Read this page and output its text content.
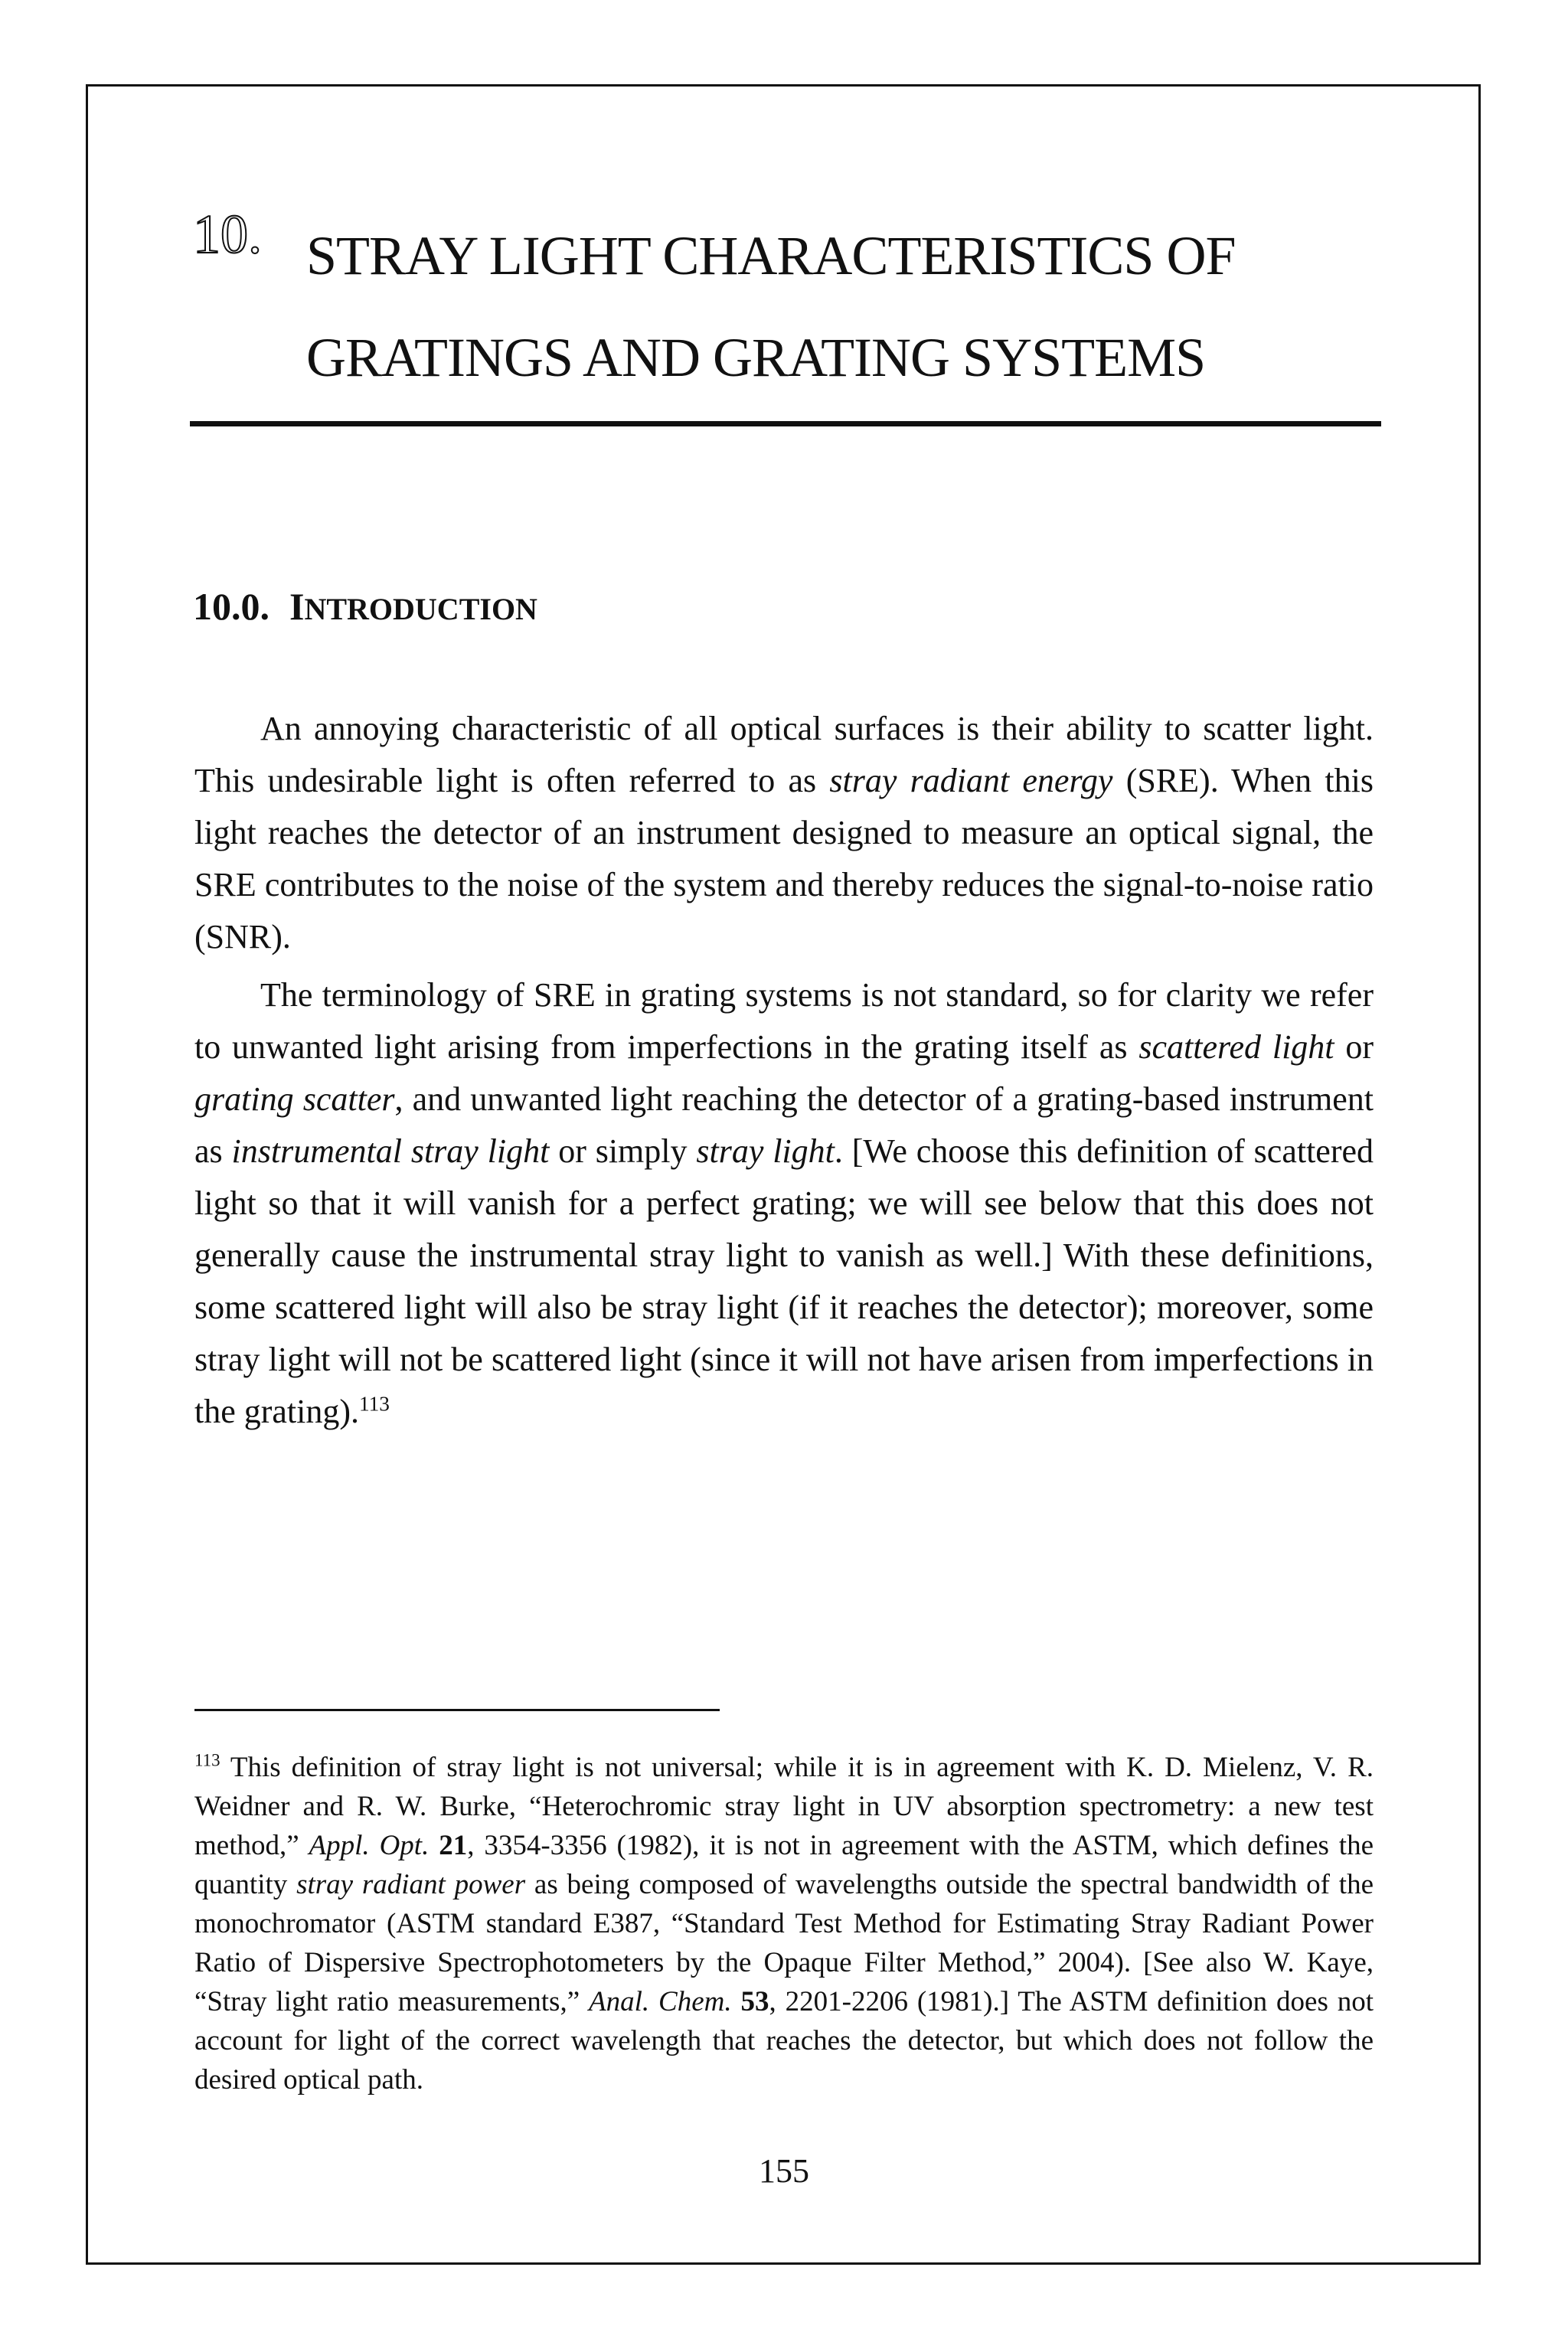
10. STRAY LIGHT CHARACTERISTICS OF
GRATINGS AND GRATING SYSTEMS
10.0. INTRODUCTION

An annoying characteristic of all optical surfaces is their ability to scatter light. This undesirable light is often referred to as stray radiant energy (SRE). When this light reaches the detector of an instrument designed to measure an optical signal, the SRE contributes to the noise of the system and thereby reduces the signal-to-noise ratio (SNR).

The terminology of SRE in grating systems is not standard, so for clarity we refer to unwanted light arising from imperfections in the grating itself as scattered light or grating scatter, and unwanted light reaching the detector of a grating-based instrument as instrumental stray light or simply stray light. [We choose this definition of scattered light so that it will vanish for a perfect grating; we will see below that this does not generally cause the instrumental stray light to vanish as well.] With these definitions, some scattered light will also be stray light (if it reaches the detector); moreover, some stray light will not be scattered light (since it will not have arisen from imperfections in the grating).$^{113}$

$^{113}$ This definition of stray light is not universal; while it is in agreement with K. D. Mielenz, V. R. Weidner and R. W. Burke, “Heterochromic stray light in UV absorption spectrometry: a new test method,” Appl. Opt. 21, 3354-3356 (1982), it is not in agreement with the ASTM, which defines the quantity stray radiant power as being composed of wavelengths outside the spectral bandwidth of the monochromator (ASTM standard E387, “Standard Test Method for Estimating Stray Radiant Power Ratio of Dispersive Spectrophotometers by the Opaque Filter Method,” 2004). [See also W. Kaye, “Stray light ratio measurements,” Anal. Chem. 53, 2201-2206 (1981).] The ASTM definition does not account for light of the correct wavelength that reaches the detector, but which does not follow the desired optical path.

155
